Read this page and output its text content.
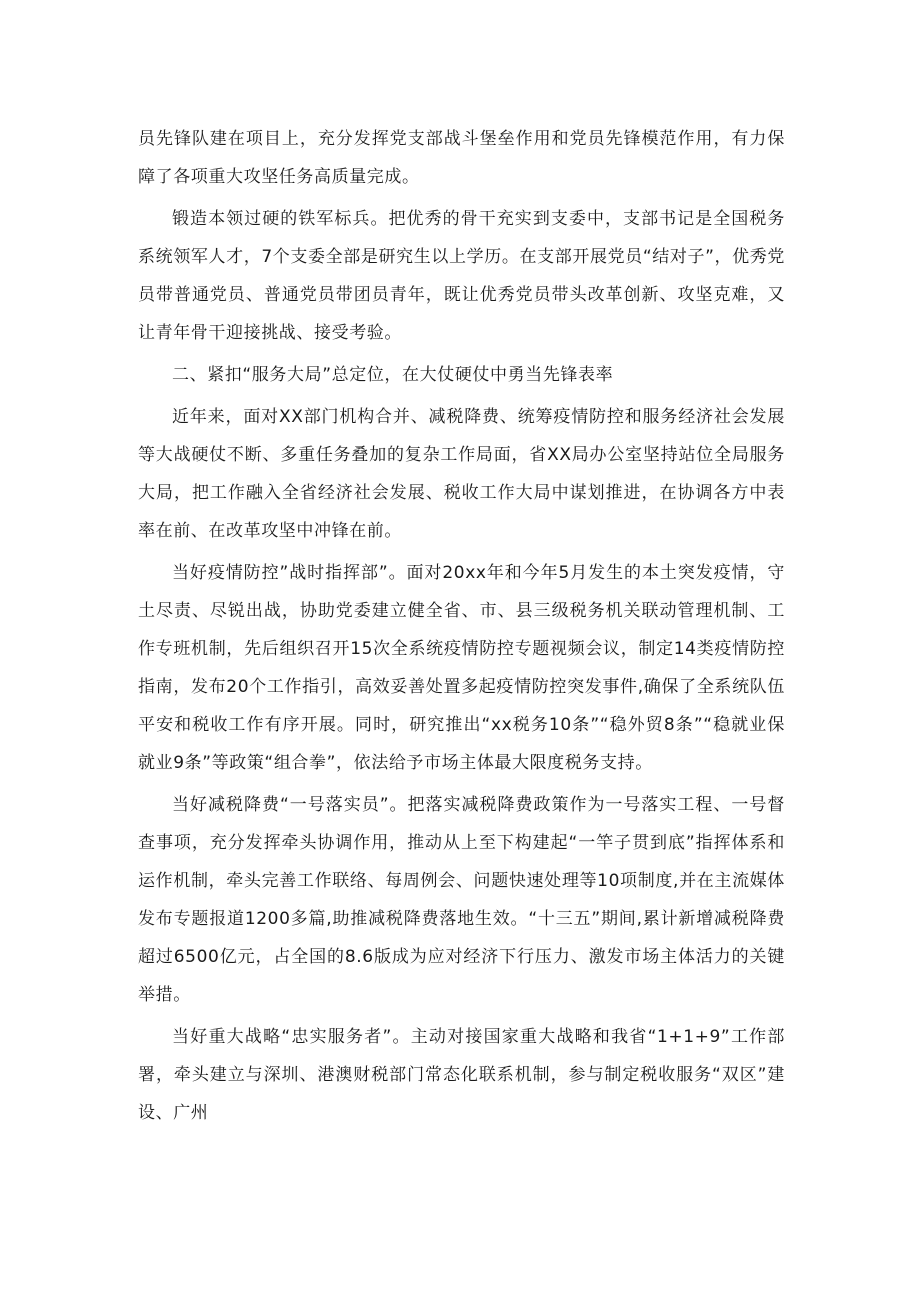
员先锋队建在项目上，充分发挥党支部战斗堡垒作用和党员先锋模范作用，有力保障了各项重大攻坚任务高质量完成。

锻造本领过硬的铁军标兵。把优秀的骨干充实到支委中，支部书记是全国税务系统领军人才，7个支委全部是研究生以上学历。在支部开展党员“结对子”，优秀党员带普通党员、普通党员带团员青年，既让优秀党员带头改革创新、攻坚克难，又让青年骨干迎接挑战、接受考验。

二、紧扣“服务大局”总定位，在大仗硬仗中勇当先锋表率

近年来，面对XX部门机构合并、减税降费、统筹疫情防控和服务经济社会发展等大战硬仗不断、多重任务叠加的复杂工作局面，省XX局办公室坚持站位全局服务大局，把工作融入全省经济社会发展、税收工作大局中谋划推进，在协调各方中表率在前、在改革攻坚中冲锋在前。

当好疫情防控”战时指挥部”。面对20xx年和今年5月发生的本土突发疫情，守土尽责、尽锐出战，协助党委建立健全省、市、县三级税务机关联动管理机制、工作专班机制，先后组织召开15次全系统疫情防控专题视频会议，制定14类疫情防控指南，发布20个工作指引，高效妥善处置多起疫情防控突发事件,确保了全系统队伍平安和税收工作有序开展。同时，研究推出“xx税务10条”“稳外贸8条”“稳就业保就业9条”等政策“组合拳”，依法给予市场主体最大限度税务支持。

当好减税降费“一号落实员”。把落实减税降费政策作为一号落实工程、一号督查事项，充分发挥牵头协调作用，推动从上至下构建起“一竿子贯到底”指挥体系和运作机制，牵头完善工作联络、每周例会、问题快速处理等10项制度,并在主流媒体发布专题报道1200多篇,助推减税降费落地生效。“十三五”期间,累计新增减税降费超过6500亿元，占全国的8.6版成为应对经济下行压力、激发市场主体活力的关键举措。

当好重大战略“忠实服务者”。主动对接国家重大战略和我省“1+1+9”工作部署，牵头建立与深圳、港澳财税部门常态化联系机制，参与制定税收服务“双区”建设、广州
